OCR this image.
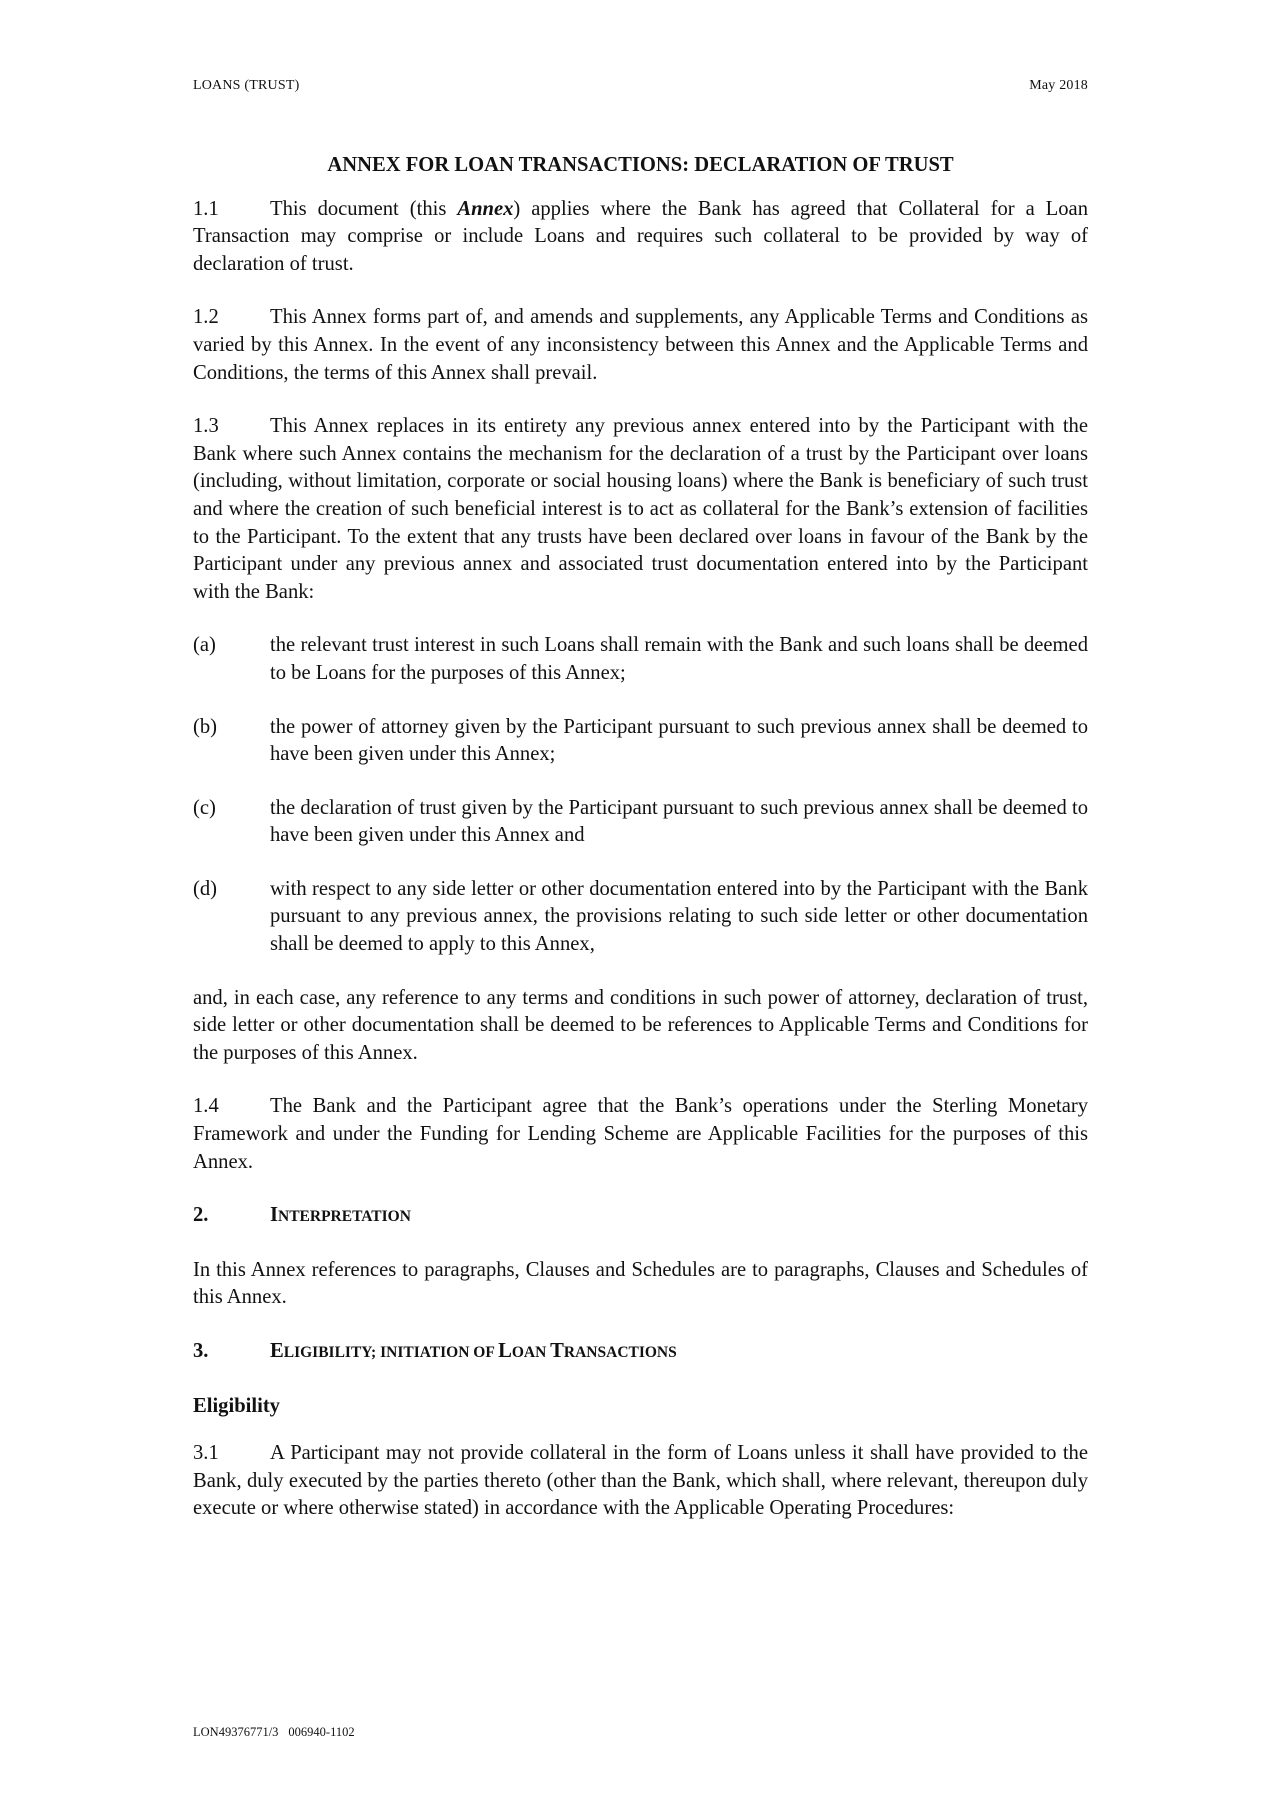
LOANS (TRUST)	May 2018
ANNEX FOR LOAN TRANSACTIONS: DECLARATION OF TRUST

1.1 This document (this Annex) applies where the Bank has agreed that Collateral for a Loan Transaction may comprise or include Loans and requires such collateral to be provided by way of declaration of trust.

1.2 This Annex forms part of, and amends and supplements, any Applicable Terms and Conditions as varied by this Annex. In the event of any inconsistency between this Annex and the Applicable Terms and Conditions, the terms of this Annex shall prevail.

1.3 This Annex replaces in its entirety any previous annex entered into by the Participant with the Bank where such Annex contains the mechanism for the declaration of a trust by the Participant over loans (including, without limitation, corporate or social housing loans) where the Bank is beneficiary of such trust and where the creation of such beneficial interest is to act as collateral for the Bank’s extension of facilities to the Participant. To the extent that any trusts have been declared over loans in favour of the Bank by the Participant under any previous annex and associated trust documentation entered into by the Participant with the Bank:

(a)	the relevant trust interest in such Loans shall remain with the Bank and such loans shall be deemed to be Loans for the purposes of this Annex;
(b)	the power of attorney given by the Participant pursuant to such previous annex shall be deemed to have been given under this Annex;
(c)	the declaration of trust given by the Participant pursuant to such previous annex shall be deemed to have been given under this Annex and
(d)	with respect to any side letter or other documentation entered into by the Participant with the Bank pursuant to any previous annex, the provisions relating to such side letter or other documentation shall be deemed to apply to this Annex,

and, in each case, any reference to any terms and conditions in such power of attorney, declaration of trust, side letter or other documentation shall be deemed to be references to Applicable Terms and Conditions for the purposes of this Annex.

1.4 The Bank and the Participant agree that the Bank’s operations under the Sterling Monetary Framework and under the Funding for Lending Scheme are Applicable Facilities for the purposes of this Annex.

2.	INTERPRETATION

In this Annex references to paragraphs, Clauses and Schedules are to paragraphs, Clauses and Schedules of this Annex.

3.	ELIGIBILITY; INITIATION OF LOAN TRANSACTIONS
Eligibility

3.1 A Participant may not provide collateral in the form of Loans unless it shall have provided to the Bank, duly executed by the parties thereto (other than the Bank, which shall, where relevant, thereupon duly execute or where otherwise stated) in accordance with the Applicable Operating Procedures:

LON49376771/3 006940-1102
